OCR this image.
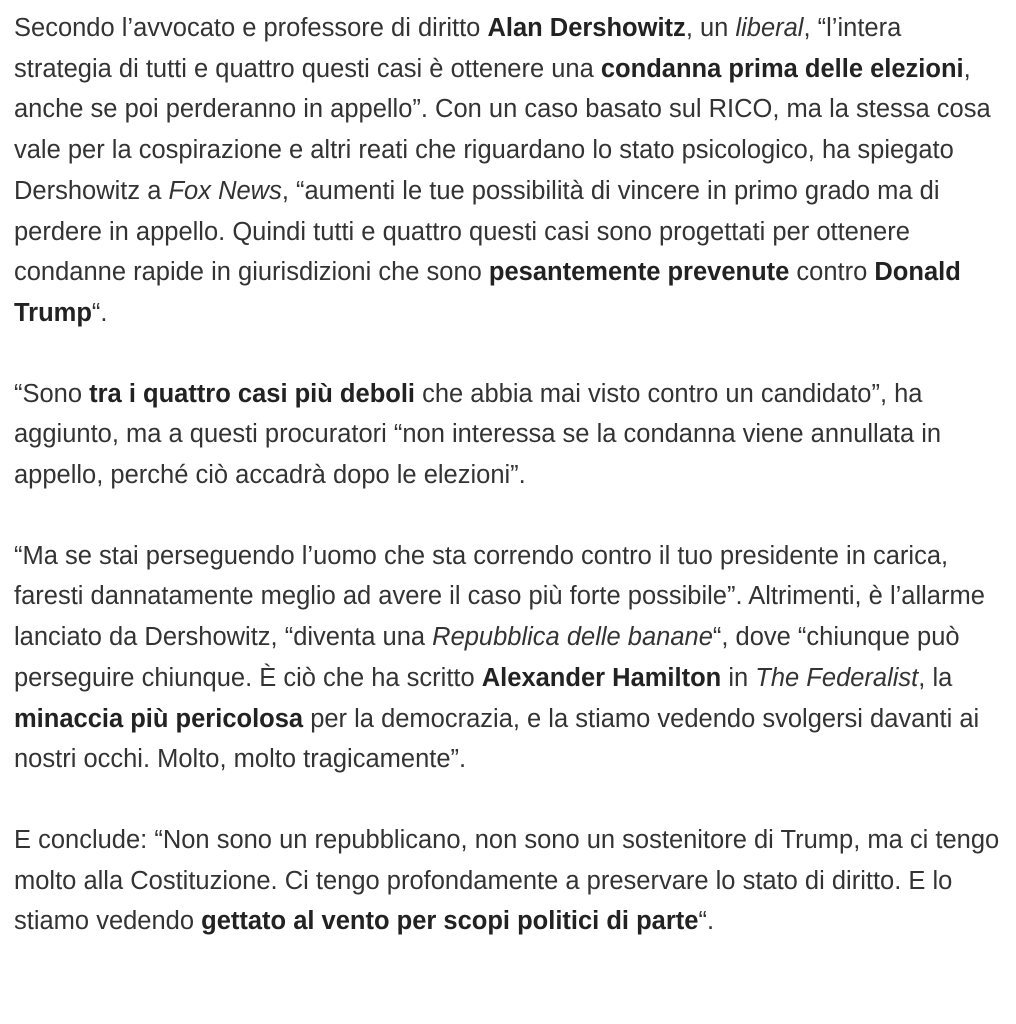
Secondo l’avvocato e professore di diritto Alan Dershowitz, un liberal, “l’intera strategia di tutti e quattro questi casi è ottenere una condanna prima delle elezioni, anche se poi perderanno in appello”. Con un caso basato sul RICO, ma la stessa cosa vale per la cospirazione e altri reati che riguardano lo stato psicologico, ha spiegato Dershowitz a Fox News, “aumenti le tue possibilità di vincere in primo grado ma di perdere in appello. Quindi tutti e quattro questi casi sono progettati per ottenere condanne rapide in giurisdizioni che sono pesantemente prevenute contro Donald Trump“.

“Sono tra i quattro casi più deboli che abbia mai visto contro un candidato”, ha aggiunto, ma a questi procuratori “non interessa se la condanna viene annullata in appello, perché ciò accadrà dopo le elezioni”.

“Ma se stai perseguendo l’uomo che sta correndo contro il tuo presidente in carica, faresti dannatamente meglio ad avere il caso più forte possibile”. Altrimenti, è l’allarme lanciato da Dershowitz, “diventa una Repubblica delle banane“, dove “chiunque può perseguire chiunque. È ciò che ha scritto Alexander Hamilton in The Federalist, la minaccia più pericolosa per la democrazia, e la stiamo vedendo svolgersi davanti ai nostri occhi. Molto, molto tragicamente”.

E conclude: “Non sono un repubblicano, non sono un sostenitore di Trump, ma ci tengo molto alla Costituzione. Ci tengo profondamente a preservare lo stato di diritto. E lo stiamo vedendo gettato al vento per scopi politici di parte“.
